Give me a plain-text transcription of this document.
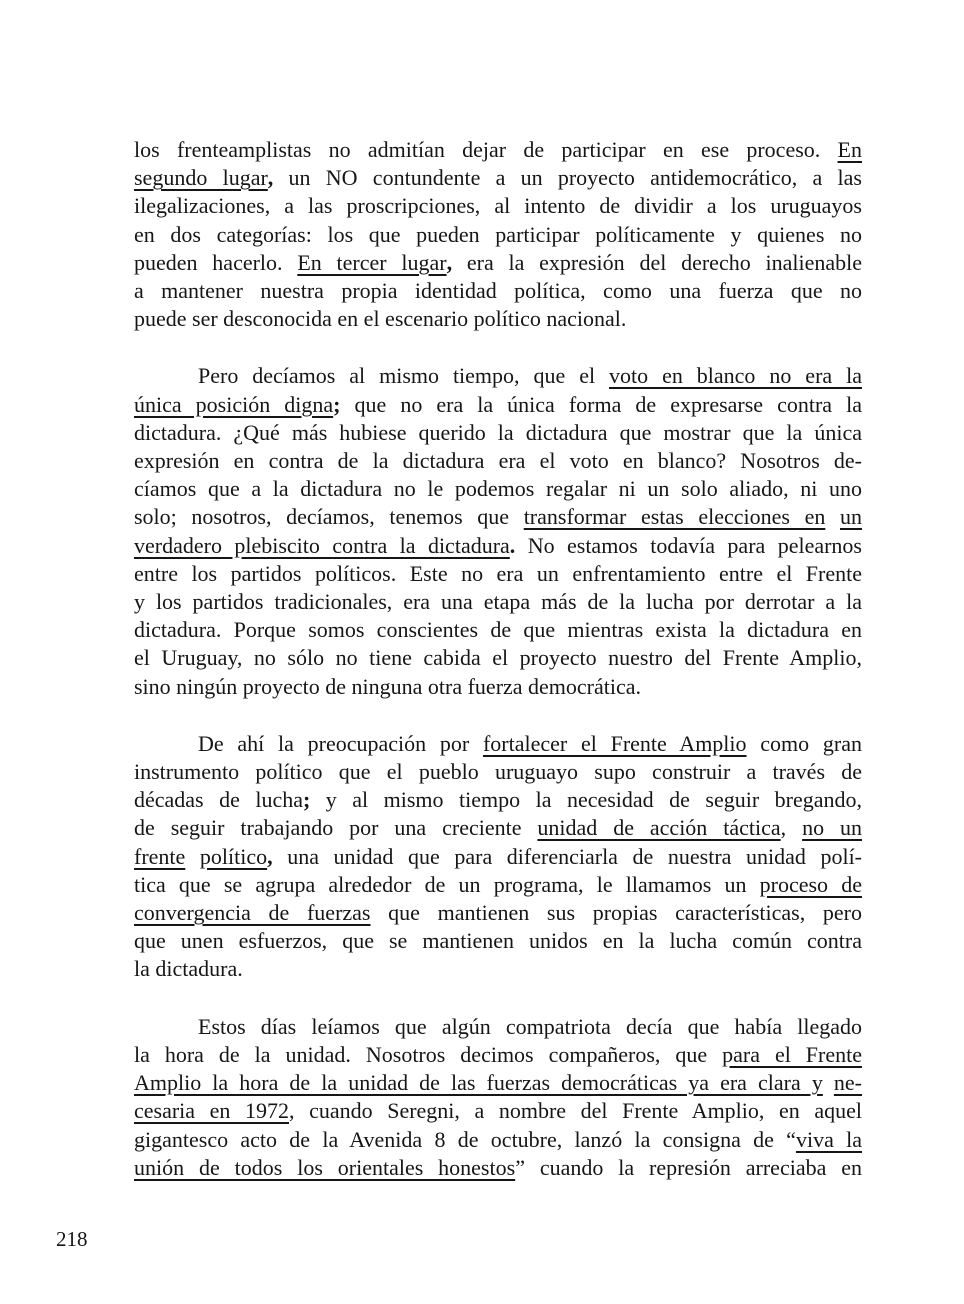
los frenteamplistas no admitían dejar de participar en ese proceso. En
segundo lugar, un NO contundente a un proyecto antidemocrático, a las
ilegalizaciones, a las proscripciones, al intento de dividir a los uruguayos
en dos categorías: los que pueden participar políticamente y quienes no
pueden hacerlo. En tercer lugar, era la expresión del derecho inalienable
a mantener nuestra propia identidad política, como una fuerza que no
puede ser desconocida en el escenario político nacional.
Pero decíamos al mismo tiempo, que el voto en blanco no era la
única posición digna; que no era la única forma de expresarse contra la
dictadura. ¿Qué más hubiese querido la dictadura que mostrar que la única
expresión en contra de la dictadura era el voto en blanco? Nosotros de-
cíamos que a la dictadura no le podemos regalar ni un solo aliado, ni uno
solo; nosotros, decíamos, tenemos que transformar estas elecciones en un
verdadero plebiscito contra la dictadura. No estamos todavía para pelearnos
entre los partidos políticos. Este no era un enfrentamiento entre el Frente
y los partidos tradicionales, era una etapa más de la lucha por derrotar a la
dictadura. Porque somos conscientes de que mientras exista la dictadura en
el Uruguay, no sólo no tiene cabida el proyecto nuestro del Frente Amplio,
sino ningún proyecto de ninguna otra fuerza democrática.
De ahí la preocupación por fortalecer el Frente Amplio como gran
instrumento político que el pueblo uruguayo supo construir a través de
décadas de lucha; y al mismo tiempo la necesidad de seguir bregando,
de seguir trabajando por una creciente unidad de acción táctica, no un
frente político, una unidad que para diferenciarla de nuestra unidad polí-
tica que se agrupa alrededor de un programa, le llamamos un proceso de
convergencia de fuerzas que mantienen sus propias características, pero
que unen esfuerzos, que se mantienen unidos en la lucha común contra
la dictadura.
Estos días leíamos que algún compatriota decía que había llegado
la hora de la unidad. Nosotros decimos compañeros, que para el Frente
Amplio la hora de la unidad de las fuerzas democráticas ya era clara y ne-
cesaria en 1972, cuando Seregni, a nombre del Frente Amplio, en aquel
gigantesco acto de la Avenida 8 de octubre, lanzó la consigna de “viva la
unión de todos los orientales honestos” cuando la represión arreciaba en
218
